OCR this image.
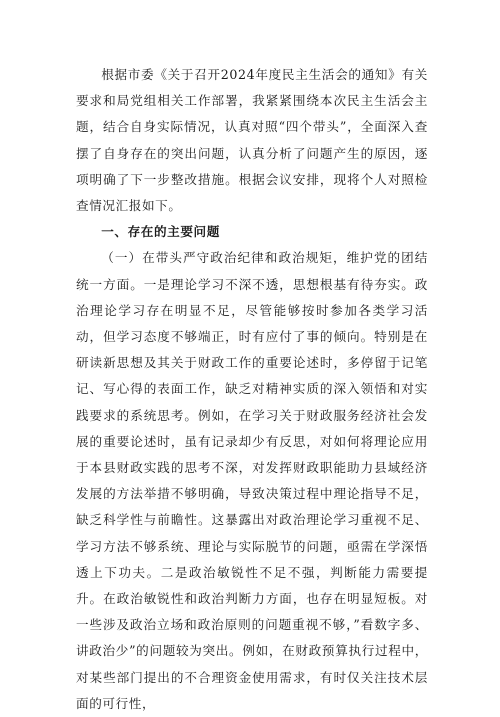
根据市委《关于召开2024年度民主生活会的通知》有关要求和局党组相关工作部署，我紧紧围绕本次民主生活会主题，结合自身实际情况，认真对照“四个带头”，全面深入查摆了自身存在的突出问题，认真分析了问题产生的原因，逐项明确了下一步整改措施。根据会议安排，现将个人对照检查情况汇报如下。

一、存在的主要问题

（一）在带头严守政治纪律和政治规矩，维护党的团结统一方面。一是理论学习不深不透，思想根基有待夯实。政治理论学习存在明显不足，尽管能够按时参加各类学习活动，但学习态度不够端正，时有应付了事的倾向。特别是在研读新思想及其关于财政工作的重要论述时，多停留于记笔记、写心得的表面工作，缺乏对精神实质的深入领悟和对实践要求的系统思考。例如，在学习关于财政服务经济社会发展的重要论述时，虽有记录却少有反思，对如何将理论应用于本县财政实践的思考不深，对发挥财政职能助力县域经济发展的方法举措不够明确，导致决策过程中理论指导不足，缺乏科学性与前瞻性。这暴露出对政治理论学习重视不足、学习方法不够系统、理论与实际脱节的问题，亟需在学深悟透上下功夫。二是政治敏锐性不足不强，判断能力需要提升。在政治敏锐性和政治判断力方面，也存在明显短板。对一些涉及政治立场和政治原则的问题重视不够，”看数字多、讲政治少”的问题较为突出。例如，在财政预算执行过程中，对某些部门提出的不合理资金使用需求，有时仅关注技术层面的可行性，
